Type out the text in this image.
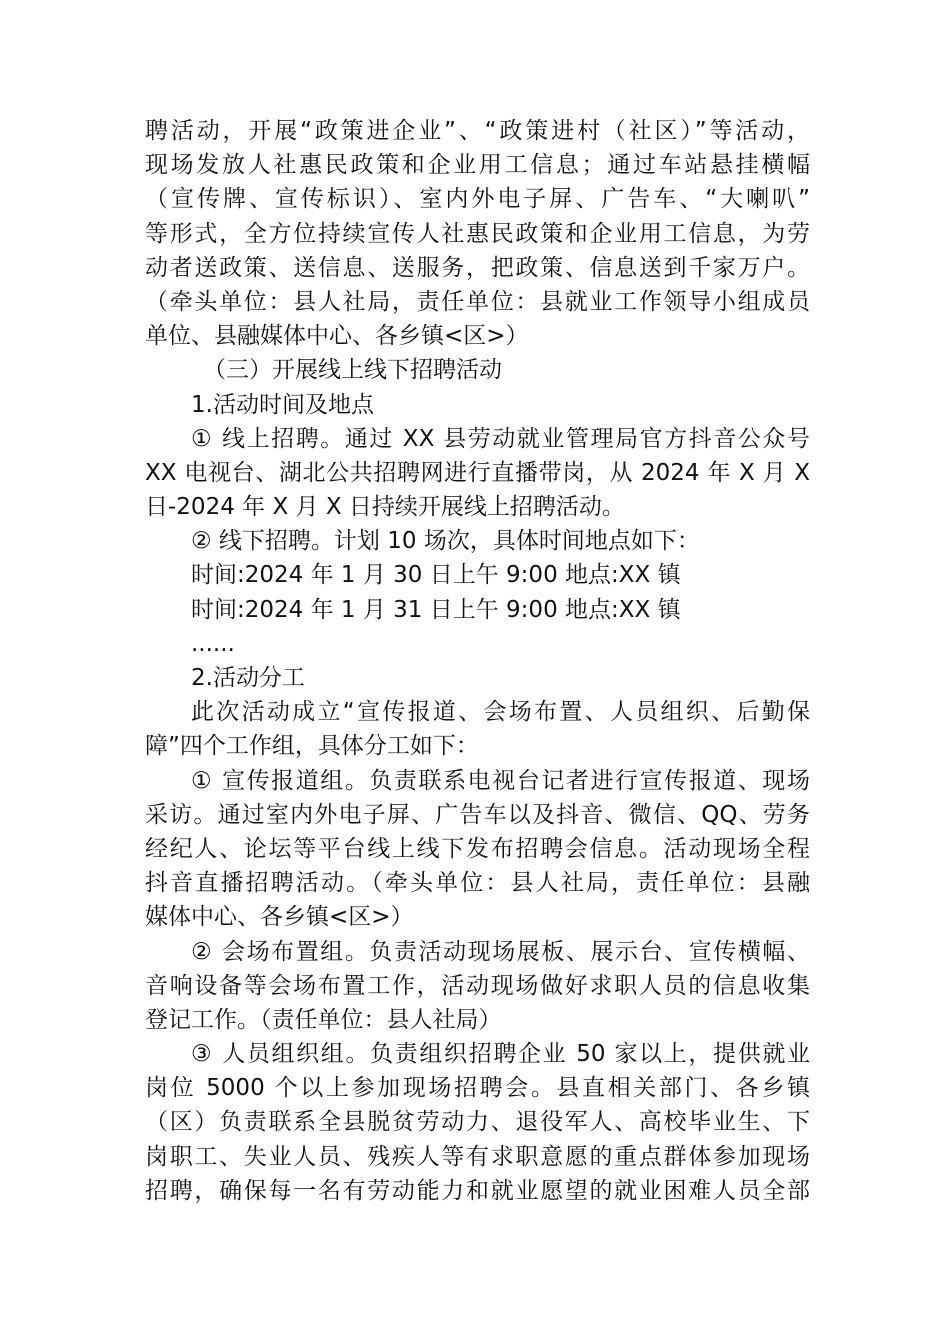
聘活动，开展“政策进企业”、“政策进村（社区）”等活动，
现场发放人社惠民政策和企业用工信息；通过车站悬挂横幅
（宣传牌、宣传标识）、室内外电子屏、广告车、“大喇叭”
等形式，全方位持续宣传人社惠民政策和企业用工信息，为劳
动者送政策、送信息、送服务，把政策、信息送到千家万户。
（牵头单位：县人社局，责任单位：县就业工作领导小组成员
单位、县融媒体中心、各乡镇<区>）
（三）开展线上线下招聘活动
1.活动时间及地点
① 线上招聘。通过 XX 县劳动就业管理局官方抖音公众号
XX 电视台、湖北公共招聘网进行直播带岗，从 2024 年 X 月 X
日-2024 年 X 月 X 日持续开展线上招聘活动。
② 线下招聘。计划 10 场次，具体时间地点如下：
时间:2024 年 1 月 30 日上午 9:00 地点:XX 镇
时间:2024 年 1 月 31 日上午 9:00 地点:XX 镇
......
2.活动分工
此次活动成立“宣传报道、会场布置、人员组织、后勤保
障”四个工作组，具体分工如下：
① 宣传报道组。负责联系电视台记者进行宣传报道、现场
采访。通过室内外电子屏、广告车以及抖音、微信、QQ、劳务
经纪人、论坛等平台线上线下发布招聘会信息。活动现场全程
抖音直播招聘活动。（牵头单位：县人社局，责任单位：县融
媒体中心、各乡镇<区>）
② 会场布置组。负责活动现场展板、展示台、宣传横幅、
音响设备等会场布置工作，活动现场做好求职人员的信息收集
登记工作。（责任单位：县人社局）
③ 人员组织组。负责组织招聘企业 50 家以上，提供就业
岗位 5000 个以上参加现场招聘会。县直相关部门、各乡镇
（区）负责联系全县脱贫劳动力、退役军人、高校毕业生、下
岗职工、失业人员、残疾人等有求职意愿的重点群体参加现场
招聘，确保每一名有劳动能力和就业愿望的就业困难人员全部
